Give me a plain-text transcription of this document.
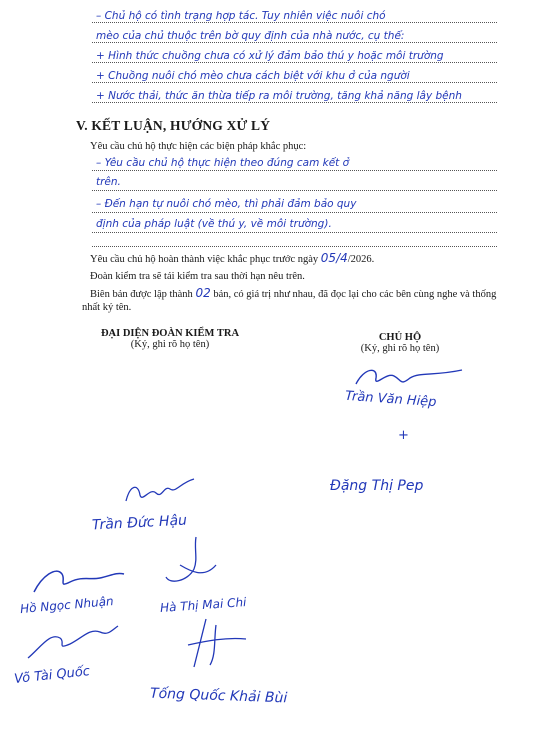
– Chủ hộ có tình trạng hợp tác. Tuy nhiên việc nuôi chó
mèo của chủ thuộc trên bờ quy định của nhà nước, cụ thể:
+ Hình thức chuồng chưa có xử lý đảm bảo thú y hoặc môi trường
+ Chuồng nuôi chó mèo chưa cách biệt với khu ở của người
+ Nước thải, thức ăn thừa tiếp ra môi trường, tăng khả năng lây bệnh
V. KẾT LUẬN, HƯỚNG XỬ LÝ
Yêu cầu chủ hộ thực hiện các biện pháp khắc phục:
– Yêu cầu chủ hộ thực hiện theo đúng cam kết ở
trên.
– Đến hạn tự nuôi chó mèo, thì phải đảm bảo quy
định của pháp luật (về thú y, về môi trường).
Yêu cầu chủ hộ hoàn thành việc khắc phục trước ngày 05/4/2026.
Đoàn kiểm tra sẽ tái kiểm tra sau thời hạn nêu trên.
Biên bản được lập thành 02 bản, có giá trị như nhau, đã đọc lại cho các bên cùng nghe và thống nhất ký tên.
ĐẠI DIỆN ĐOÀN KIỂM TRA
(Ký, ghi rõ họ tên)
CHỦ HỘ
(Ký, ghi rõ họ tên)
Trần Văn Hiệp
+
Đặng Thị Pep
Trần Đức Hậu
Hồ Ngọc Nhuận	Hà Thị Mai Chi
Võ Tài Quốc
Tống Quốc Khải Bùi
